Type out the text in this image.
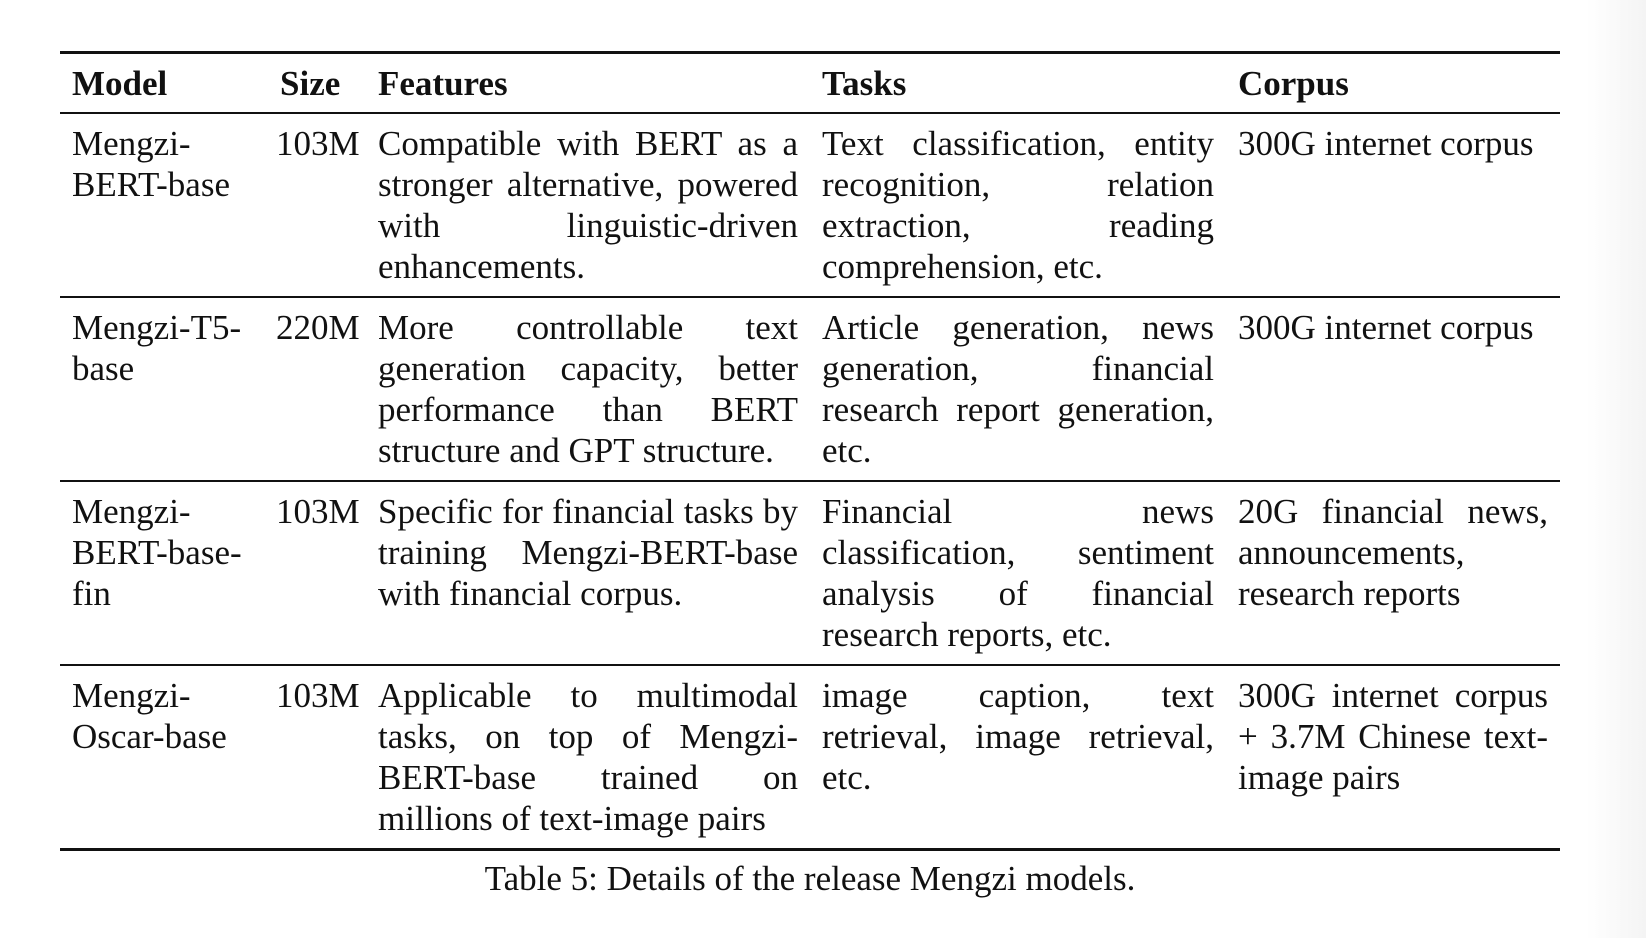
Model	Size	Features	Tasks	Corpus
Mengzi-BERT-base	103M	Compatible with BERT as a stronger alternative, powered with linguistic-driven enhancements.	Text classification, entity recognition, relation extraction, reading comprehension, etc.	300G internet corpus
Mengzi-T5-base	220M	More controllable text generation capacity, better performance than BERT structure and GPT structure.	Article generation, news generation, financial research report generation, etc.	300G internet corpus
Mengzi-BERT-base-fin	103M	Specific for financial tasks by training Mengzi-BERT-base with financial corpus.	Financial news classification, sentiment analysis of financial research reports, etc.	20G financial news, announcements, research reports
Mengzi-Oscar-base	103M	Applicable to multimodal tasks, on top of Mengzi-BERT-base trained on millions of text-image pairs	image caption, text retrieval, image retrieval, etc.	300G internet corpus + 3.7M Chinese text-image pairs
Table 5: Details of the release Mengzi models.
